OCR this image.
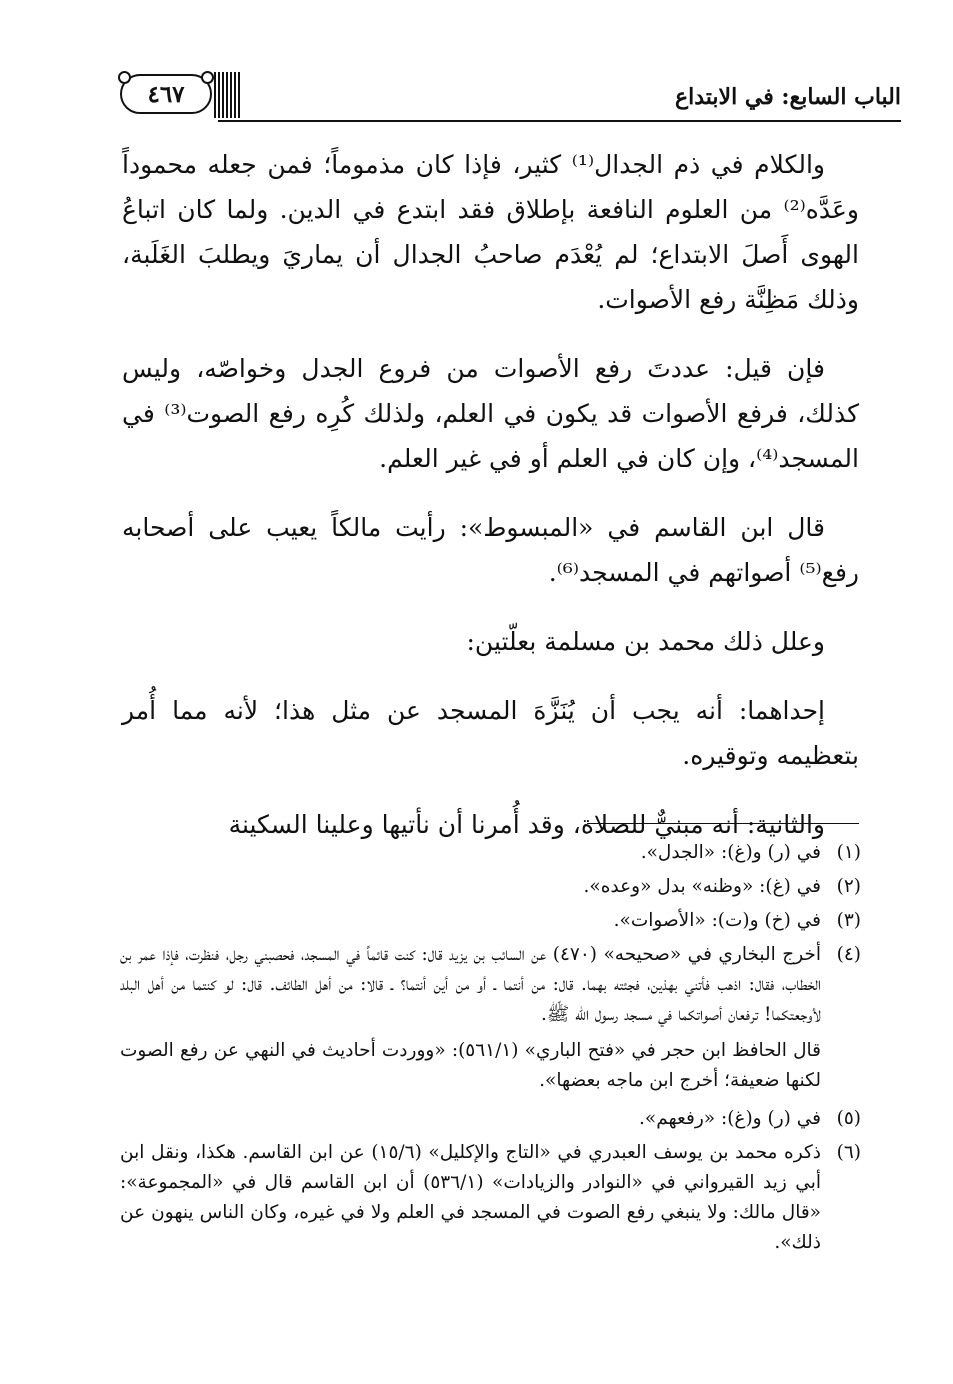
٤٦٧	الباب السابع: في الابتداع

والكلام في ذم الجدال⁽¹⁾ كثير، فإذا كان مذموماً؛ فمن جعله محموداً وعَدَّه⁽²⁾ من العلوم النافعة بإطلاق فقد ابتدع في الدين. ولما كان اتباعُ الهوى أَصلَ الابتداع؛ لم يُعْدَم صاحبُ الجدال أن يماريَ ويطلبَ الغَلَبة، وذلك مَظِنَّة رفع الأصوات.

فإن قيل: عددتَ رفع الأصوات من فروع الجدل وخواصّه، وليس كذلك، فرفع الأصوات قد يكون في العلم، ولذلك كُرِه رفع الصوت⁽³⁾ في المسجد⁽⁴⁾، وإن كان في العلم أو في غير العلم.

قال ابن القاسم في «المبسوط»: رأيت مالكاً يعيب على أصحابه رفع⁽⁵⁾ أصواتهم في المسجد⁽⁶⁾.

وعلل ذلك محمد بن مسلمة بعلّتين:

إحداهما: أنه يجب أن يُنَزَّهَ المسجد عن مثل هذا؛ لأنه مما أُمر بتعظيمه وتوقيره.

والثانية: أنه مبنيٌّ للصلاة، وقد أُمرنا أن نأتيها وعلينا السكينة

(١)

في (ر) و(غ): «الجدل».

(٢)

في (غ): «وظنه» بدل «وعده».

(٣)

في (خ) و(ت): «الأصوات».

(٤)

أخرج البخاري في «صحيحه» (٤٧٠) عن السائب بن يزيد قال: كنت قائماً في المسجد، فحصبني رجل، فنظرت، فإذا عمر بن الخطاب، فقال: اذهب فأتني بهذين، فجئته بهما. قال: من أنتما ـ أو من أين أنتما؟ ـ قالا: من أهل الطائف. قال: لو كنتما من أهل البلد لأوجعتكما! ترفعان أصواتكما في مسجد رسول الله ﷺ.

قال الحافظ ابن حجر في «فتح الباري» (٥٦١/١): «ووردت أحاديث في النهي عن رفع الصوت لكنها ضعيفة؛ أخرج ابن ماجه بعضها».
(٥)

في (ر) و(غ): «رفعهم».

(٦)

ذكره محمد بن يوسف العبدري في «التاج والإكليل» (١٥/٦) عن ابن القاسم. هكذا، ونقل ابن أبي زيد القيرواني في «النوادر والزيادات» (٥٣٦/١) أن ابن القاسم قال في «المجموعة»: «قال مالك: ولا ينبغي رفع الصوت في المسجد في العلم ولا في غيره، وكان الناس ينهون عن ذلك».
